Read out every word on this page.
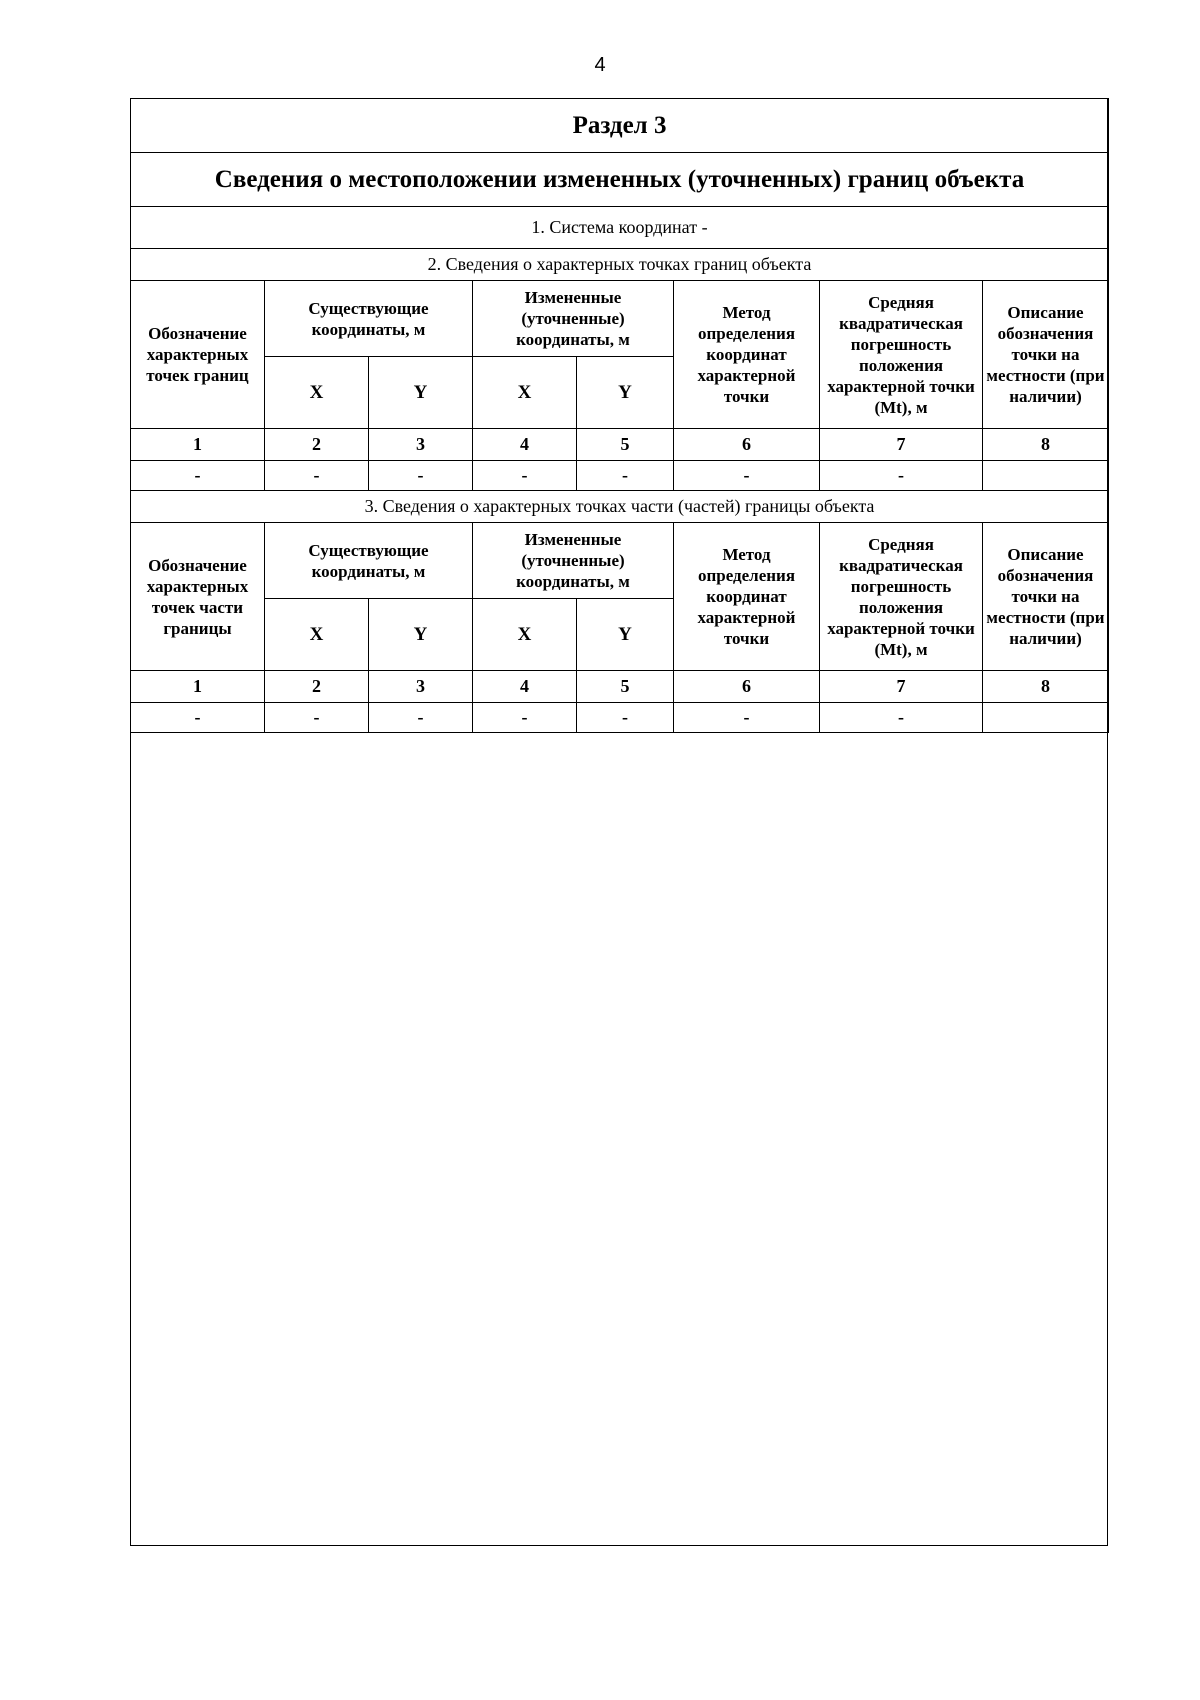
4
Раздел 3							
Сведения о местоположении измененных (уточненных) границ объекта							
1. Система координат -							
2. Сведения о характерных точках границ объекта							
Обозначение характерных точек границ	Существующие координаты, м		Измененные (уточненные) координаты, м		Метод определения координат характерной точки	Средняя квадратическая погрешность положения характерной точки (Mt), м	Описание обозначения точки на местности (при наличии)
	X	Y	X	Y			
1	2	3	4	5	6	7	8
-	-	-	-	-	-	-	
3. Сведения о характерных точках части (частей) границы объекта							
Обозначение характерных точек части границы	Существующие координаты, м		Измененные (уточненные) координаты, м		Метод определения координат характерной точки	Средняя квадратическая погрешность положения характерной точки (Mt), м	Описание обозначения точки на местности (при наличии)
	X	Y	X	Y			
1	2	3	4	5	6	7	8
-	-	-	-	-	-	-	
